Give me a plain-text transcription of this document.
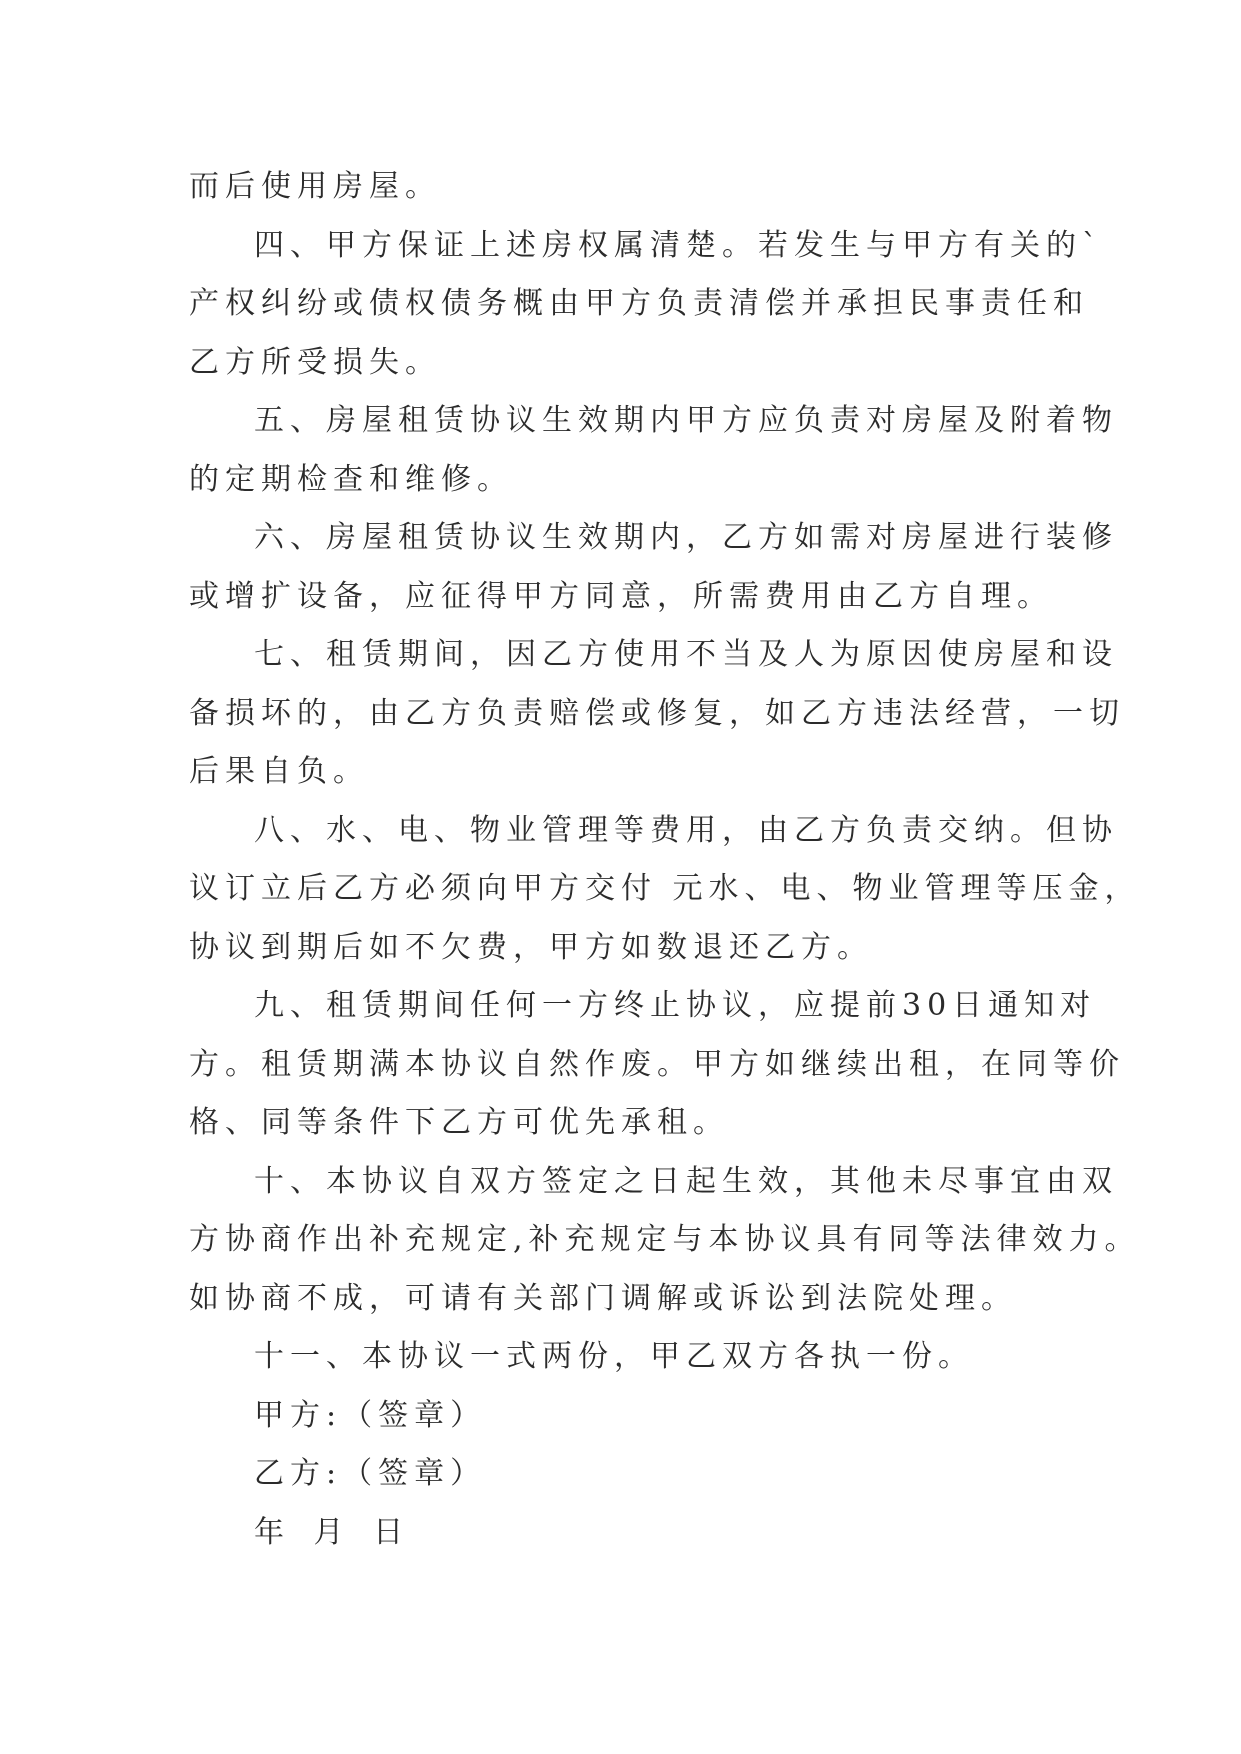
而后使用房屋。
四、甲方保证上述房权属清楚。若发生与甲方有关的`
产权纠纷或债权债务概由甲方负责清偿并承担民事责任和
乙方所受损失。
五、房屋租赁协议生效期内甲方应负责对房屋及附着物
的定期检查和维修。
六、房屋租赁协议生效期内，乙方如需对房屋进行装修
或增扩设备，应征得甲方同意，所需费用由乙方自理。
七、租赁期间，因乙方使用不当及人为原因使房屋和设
备损坏的，由乙方负责赔偿或修复，如乙方违法经营，一切
后果自负。
八、水、电、物业管理等费用，由乙方负责交纳。但协
议订立后乙方必须向甲方交付 元水、电、物业管理等压金，
协议到期后如不欠费，甲方如数退还乙方。
九、租赁期间任何一方终止协议，应提前30日通知对
方。租赁期满本协议自然作废。甲方如继续出租，在同等价
格、同等条件下乙方可优先承租。
十、本协议自双方签定之日起生效，其他未尽事宜由双
方协商作出补充规定,补充规定与本协议具有同等法律效力。
如协商不成，可请有关部门调解或诉讼到法院处理。
十一、本协议一式两份，甲乙双方各执一份。
甲方:（签章）
乙方:（签章）
年 月 日
